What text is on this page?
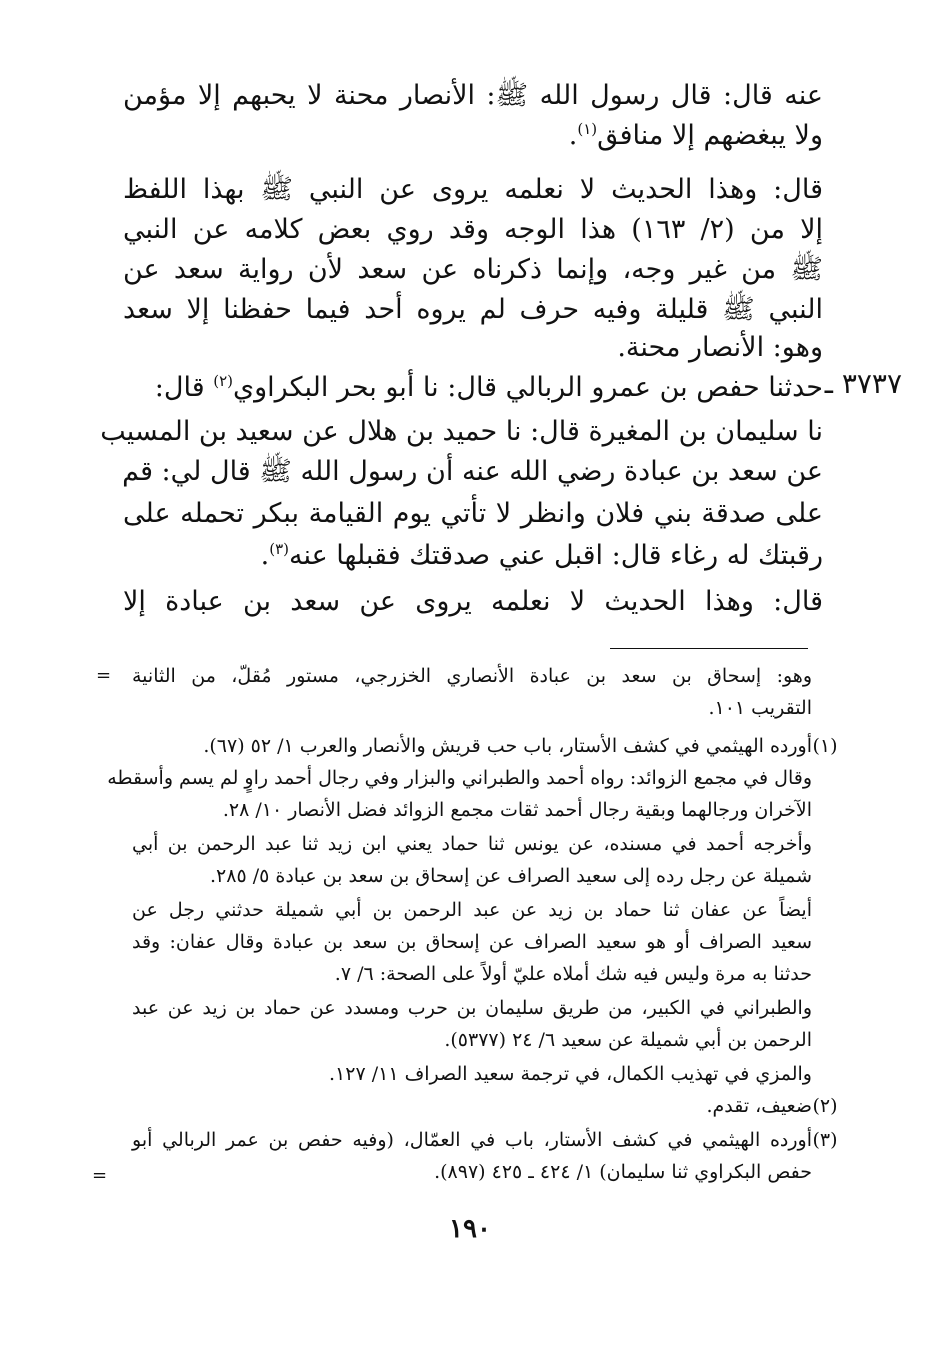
عنه قال: قال رسول الله ﷺ: الأنصار محنة لا يحبهم إلا مؤمن
ولا يبغضهم إلا منافق$^{(١)}$.
قال: وهذا الحديث لا نعلمه يروى عن النبي ﷺ بهذا اللفظ
إلا من (٢/ ١٦٣) هذا الوجه وقد روي بعض كلامه عن النبي
ﷺ من غير وجه، وإنما ذكرناه عن سعد لأن رواية سعد عن
النبي ﷺ قليلة وفيه حرف لم يروه أحد فيما حفظنا إلا سعد
وهو: الأنصار محنة.
٣٧٣٧ ـ
حدثنا حفص بن عمرو الربالي قال: نا أبو بحر البكراوي$^{(٢)}$ قال:
نا سليمان بن المغيرة قال: نا حميد بن هلال عن سعيد بن المسيب
عن سعد بن عبادة رضي الله عنه أن رسول الله ﷺ قال لي: قم
على صدقة بني فلان وانظر لا تأتي يوم القيامة ببكر تحمله على
رقبتك له رغاء قال: اقبل عني صدقتك فقبلها عنه$^{(٣)}$.
قال: وهذا الحديث لا نعلمه يروى عن سعد بن عبادة إلا
= وهو: إسحاق بن سعد بن عبادة الأنصاري الخزرجي، مستور مُقلّ، من الثانية
التقريب ١٠١.
(١)
أورده الهيثمي في كشف الأستار، باب حب قريش والأنصار والعرب ١/ ٥٢ (٦٧).
وقال في مجمع الزوائد: رواه أحمد والطبراني والبزار وفي رجال أحمد راوٍ لم يسم وأسقطه
الآخران ورجالهما وبقية رجال أحمد ثقات مجمع الزوائد فضل الأنصار ١٠/ ٢٨.
وأخرجه أحمد في مسنده، عن يونس ثنا حماد يعني ابن زيد ثنا عبد الرحمن بن أبي
شميلة عن رجل رده إلى سعيد الصراف عن إسحاق بن سعد بن عبادة ٥/ ٢٨٥.
أيضاً عن عفان ثنا حماد بن زيد عن عبد الرحمن بن أبي شميلة حدثني رجل عن
سعيد الصراف أو هو سعيد الصراف عن إسحاق بن سعد بن عبادة وقال عفان: وقد
حدثنا به مرة وليس فيه شك أملاه عليّ أولاً على الصحة: ٦/ ٧.
والطبراني في الكبير، من طريق سليمان بن حرب ومسدد عن حماد بن زيد عن عبد
الرحمن بن أبي شميلة عن سعيد ٦/ ٢٤ (٥٣٧٧).
والمزي في تهذيب الكمال، في ترجمة سعيد الصراف ١١/ ١٢٧.
(٢)
ضعيف، تقدم.
(٣)
أورده الهيثمي في كشف الأستار، باب في العمّال، (وفيه حفص بن عمر الربالي أبو
حفص البكراوي ثنا سليمان) ١/ ٤٢٤ ـ ٤٢٥ (٨٩٧).
=
١٩٠
